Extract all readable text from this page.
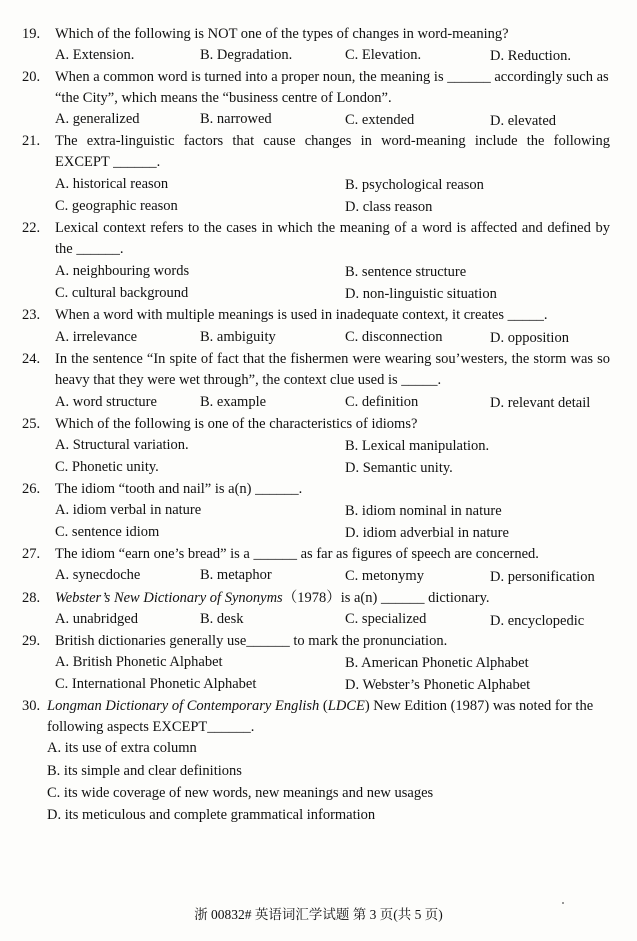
19. Which of the following is NOT one of the types of changes in word-meaning?
A. Extension.	B. Degradation.	C. Elevation.	D. Reduction.
20. When a common word is turned into a proper noun, the meaning is ______ accordingly such as
“the City”, which means the “business centre of London”.
A. generalized	B. narrowed	C. extended	D. elevated
21. The extra-linguistic factors that cause changes in word-meaning include the following
EXCEPT ______.
A. historical reason	B. psychological reason
C. geographic reason	D. class reason
22. Lexical context refers to the cases in which the meaning of a word is affected and defined by
the ______.
A. neighbouring words	B. sentence structure
C. cultural background	D. non-linguistic situation
23. When a word with multiple meanings is used in inadequate context, it creates _____.
A. irrelevance	B. ambiguity	C. disconnection	D. opposition
24. In the sentence “In spite of fact that the fishermen were wearing sou’westers, the storm was so
heavy that they were wet through”, the context clue used is _____.
A. word structure	B. example	C. definition	D. relevant detail
25. Which of the following is one of the characteristics of idioms?
A. Structural variation.	B. Lexical manipulation.
C. Phonetic unity.	D. Semantic unity.
26. The idiom “tooth and nail” is a(n) ______.
A. idiom verbal in nature	B. idiom nominal in nature
C. sentence idiom	D. idiom adverbial in nature
27. The idiom “earn one’s bread” is a ______ as far as figures of speech are concerned.
A. synecdoche	B. metaphor	C. metonymy	D. personification
28. Webster’s New Dictionary of Synonyms（1978）is a(n) ______ dictionary.
A. unabridged	B. desk	C. specialized	D. encyclopedic
29. British dictionaries generally use______ to mark the pronunciation.
A. British Phonetic Alphabet	B. American Phonetic Alphabet
C. International Phonetic Alphabet	D. Webster’s Phonetic Alphabet
30. Longman Dictionary of Contemporary English (LDCE) New Edition (1987) was noted for the
following aspects EXCEPT______.
A. its use of extra column
B. its simple and clear definitions
C. its wide coverage of new words, new meanings and new usages
D. its meticulous and complete grammatical information
浙 00832# 英语词汇学试题 第 3 页(共 5 页)
